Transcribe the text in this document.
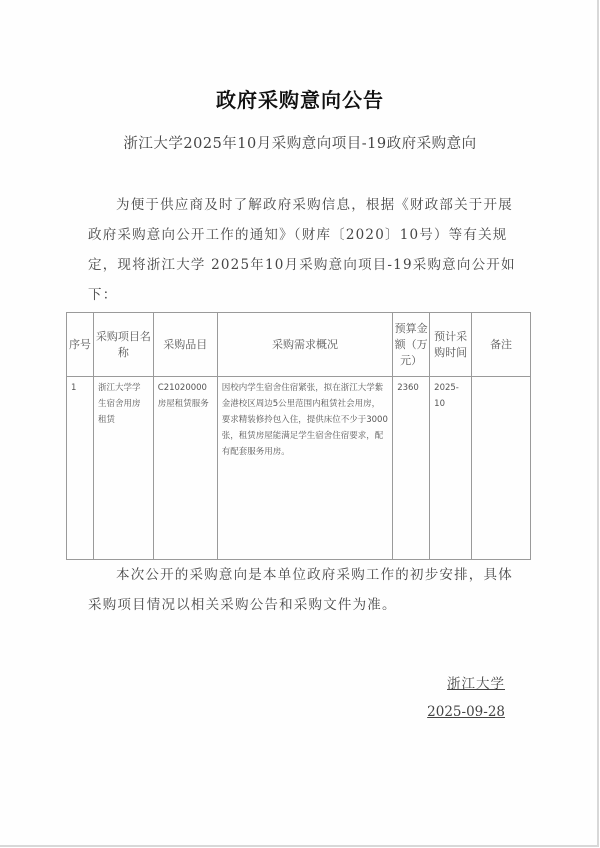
政府采购意向公告
浙江大学2025年10月采购意向项目-19政府采购意向
为便于供应商及时了解政府采购信息，根据《财政部关于开展政府采购意向公开工作的通知》（财库〔2020〕10号）等有关规定，现将浙江大学 2025年10月采购意向项目-19采购意向公开如下：
序号	采购项目名称	采购品目	采购需求概况	预算金额（万元）	预计采购时间	备注
1	浙江大学学生宿舍用房租赁	C21020000 房屋租赁服务	因校内学生宿舍住宿紧张，拟在浙江大学紫金港校区周边5公里范围内租赁社会用房，要求精装修拎包入住，提供床位不少于3000张，租赁房屋能满足学生宿舍住宿要求，配有配套服务用房。	2360	2025-10	
本次公开的采购意向是本单位政府采购工作的初步安排，具体采购项目情况以相关采购公告和采购文件为准。
浙江大学
2025-09-28
